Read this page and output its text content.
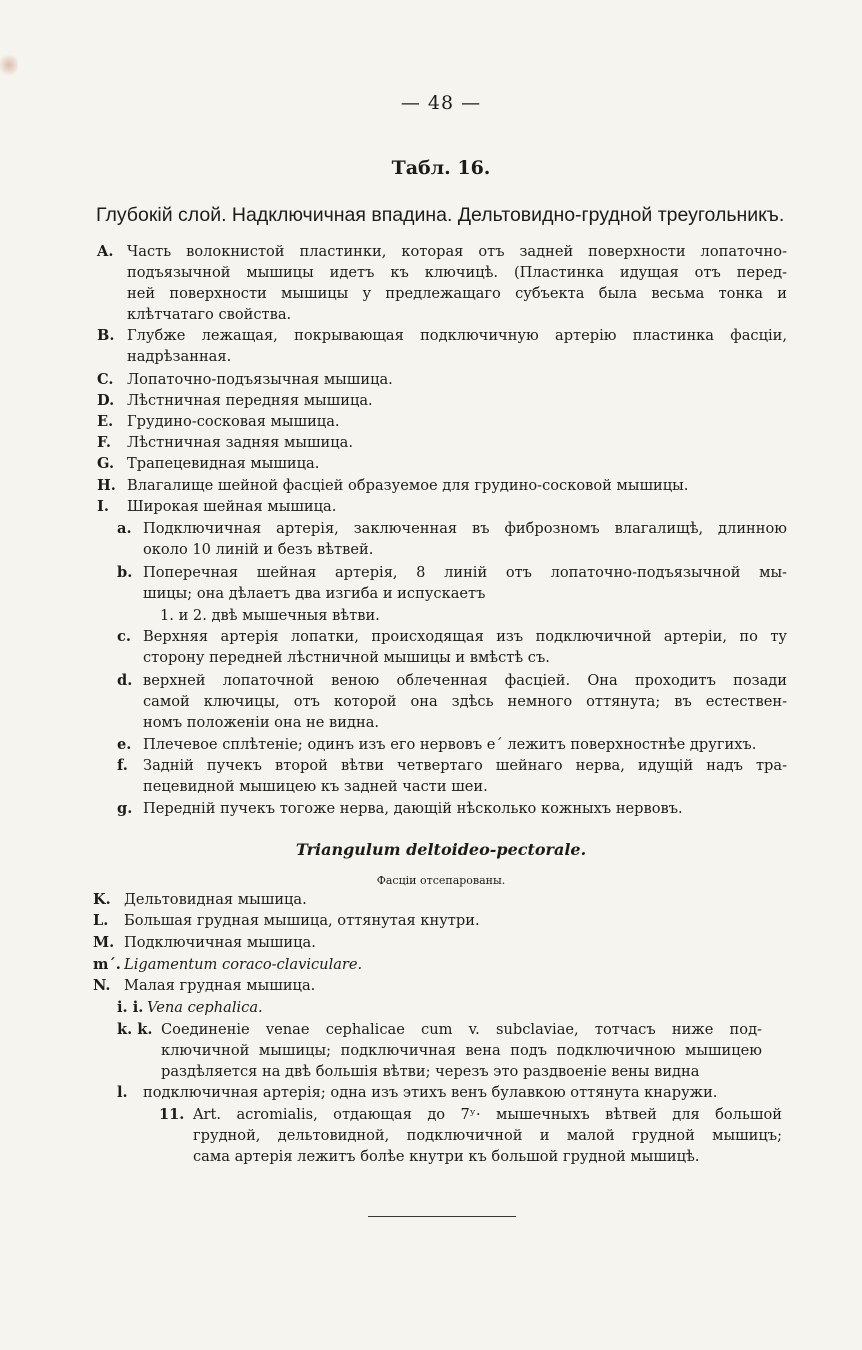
— 48 —
Табл. 16.
Глубокій слой. Надключичная впадина. Дельтовидно-грудной треугольникъ.
A. Часть волокнистой пластинки, которая отъ задней поверхности лопаточно-
подъязычной мышицы идетъ къ ключицѣ. (Пластинка идущая отъ перед-
ней поверхности мышицы у предлежащаго субъекта была весьма тонка и
клѣтчатаго свойства.
B. Глубже лежащая, покрывающая подключичную артерію пластинка фасціи,
надрѣзанная.
C. Лопаточно-подъязычная мышица.
D. Лѣстничная передняя мышица.
E. Грудино-сосковая мышица.
F. Лѣстничная задняя мышица.
G. Трапецевидная мышица.
H. Влагалище шейной фасціей образуемое для грудино-сосковой мышицы.
I. Широкая шейная мышица.
a. Подключичная артерія, заключенная въ фиброзномъ влагалищѣ, длинною
около 10 линій и безъ вѣтвей.
b. Поперечная шейная артерія, 8 линій отъ лопаточно-подъязычной мы-
шицы; она дѣлаетъ два изгиба и испускаетъ
1. и 2. двѣ мышечныя вѣтви.
c. Верхняя артерія лопатки, происходящая изъ подключичной артеріи, по ту
сторону передней лѣстничной мышицы и вмѣстѣ съ.
d. верхней лопаточной веною облеченная фасціей. Она проходитъ позади
самой ключицы, отъ которой она здѣсь немного оттянута; въ естествен-
номъ положеніи она не видна.
e. Плечевое сплѣтеніе; одинъ изъ его нервовъ eˊ лежитъ поверхностнѣе другихъ.
f. Задній пучекъ второй вѣтви четвертаго шейнаго нерва, идущій надъ тра-
пецевидной мышицею къ задней части шеи.
g. Передній пучекъ тогоже нерва, дающій нѣсколько кожныхъ нервовъ.
Triangulum deltoideo-pectorale.
Фасціи отсепарованы.
K. Дельтовидная мышица.
L. Большая грудная мышица, оттянутая кнутри.
M. Подключичная мышица.
mˊ. Ligamentum coraco-claviculare.
N. Малая грудная мышица.
i. i. Vena cephalica.
k. k. Соединеніе venae cephalicae cum v. subclaviae, тотчасъ ниже под-
ключичной мышицы; подключичная вена подъ подключичною мышицею
раздѣляется на двѣ большія вѣтви; черезъ это раздвоеніе вены видна
l. подключичная артерія; одна изъ этихъ венъ булавкою оттянута кнаружи.
11. Art. acromialis, отдающая до 7ʸ· мышечныхъ вѣтвей для большой
грудной, дельтовидной, подключичной и малой грудной мышицъ;
сама артерія лежитъ болѣе кнутри къ большой грудной мышицѣ.
